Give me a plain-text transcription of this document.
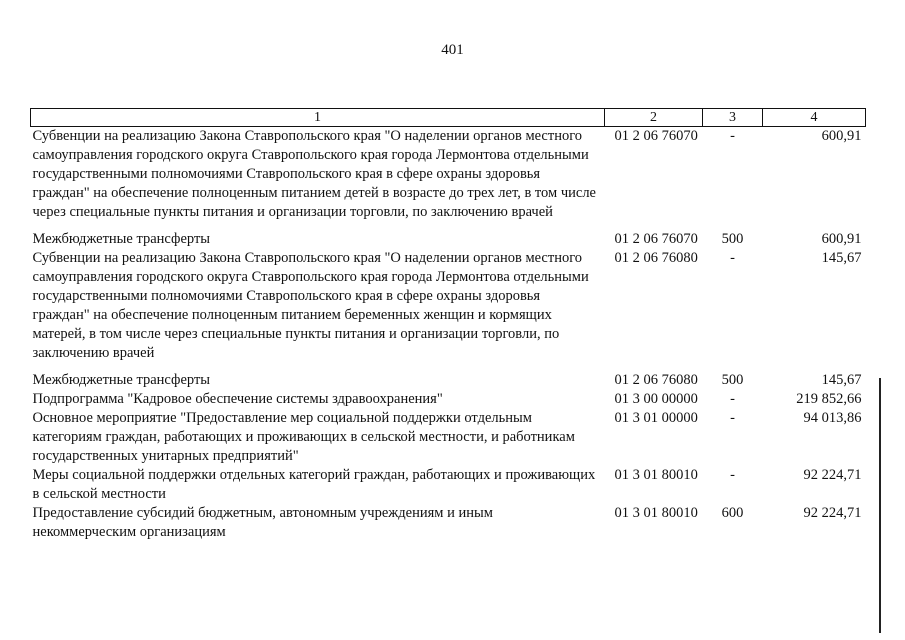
401
1	2	3	4
Субвенции на реализацию Закона Ставропольского края "О наделении органов местного самоуправления городского округа Ставропольского края города Лермонтова отдельными государственными полномочиями Ставропольского края в сфере охраны здоровья граждан" на обеспечение полноценным питанием детей в возрасте до трех лет, в том числе через специальные пункты питания и организации торговли, по заключению врачей	01 2 06 76070	-	600,91
Межбюджетные трансферты	01 2 06 76070	500	600,91
Субвенции на реализацию Закона Ставропольского края "О наделении органов местного самоуправления городского округа Ставропольского края города Лермонтова отдельными государственными полномочиями Ставропольского края в сфере охраны здоровья граждан" на обеспечение полноценным питанием беременных женщин и кормящих матерей, в том числе через специальные пункты питания и организации торговли, по заключению врачей	01 2 06 76080	-	145,67
Межбюджетные трансферты	01 2 06 76080	500	145,67
Подпрограмма "Кадровое обеспечение системы здравоохранения"	01 3 00 00000	-	219 852,66
Основное мероприятие "Предоставление мер социальной поддержки отдельным категориям граждан, работающих и проживающих в сельской местности, и работникам государственных унитарных предприятий"	01 3 01 00000	-	94 013,86
Меры социальной поддержки отдельных категорий граждан, работающих и проживающих в сельской местности	01 3 01 80010	-	92 224,71
Предоставление субсидий бюджетным, автономным учреждениям и иным некоммерческим организациям	01 3 01 80010	600	92 224,71
